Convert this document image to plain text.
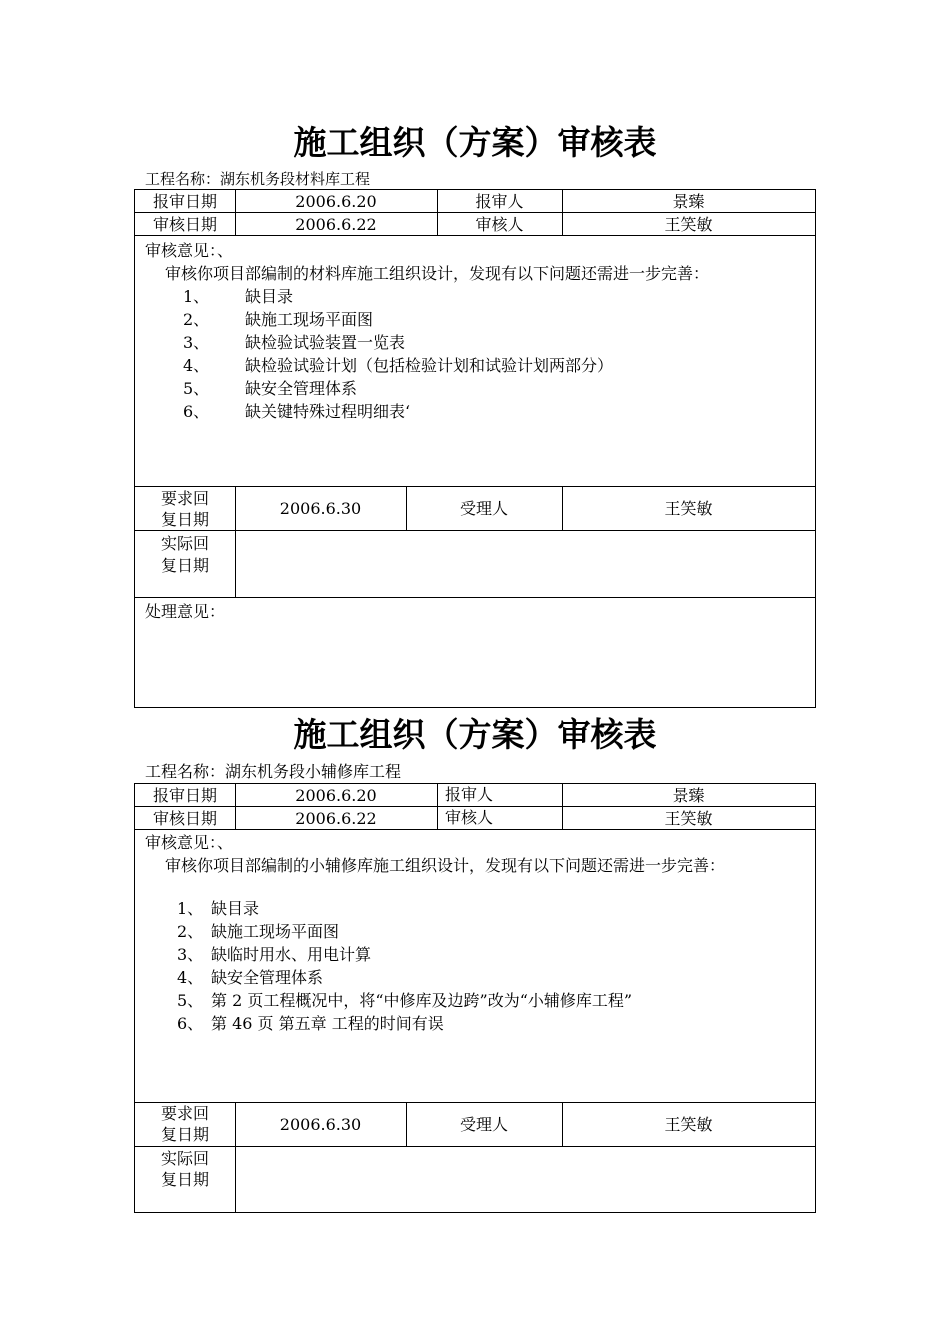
施工组织（方案）审核表
工程名称：湖东机务段材料库工程
报审日期	2006.6.20	报审人	景臻
审核日期	2006.6.22	审核人	王笑敏
审核意见：、
审核你项目部编制的材料库施工组织设计，发现有以下问题还需进一步完善：
1、 缺目录
2、 缺施工现场平面图
3、 缺检验试验装置一览表
4、 缺检验试验计划（包括检验计划和试验计划两部分）
5、 缺安全管理体系
6、 缺关键特殊过程明细表‘
要求回
复日期
2006.6.30	受理人	王笑敏
实际回
复日期
处理意见：
施工组织（方案）审核表
工程名称：湖东机务段小辅修库工程
报审日期	2006.6.20	报审人	景臻
审核日期	2006.6.22	审核人	王笑敏
审核意见：、
审核你项目部编制的小辅修库施工组织设计，发现有以下问题还需进一步完善：
1、 缺目录
2、 缺施工现场平面图
3、 缺临时用水、用电计算
4、 缺安全管理体系
5、 第 2 页工程概况中，将“中修库及边跨”改为“小辅修库工程”
6、 第 46 页 第五章 工程的时间有误
要求回
复日期
2006.6.30	受理人	王笑敏
实际回
复日期
